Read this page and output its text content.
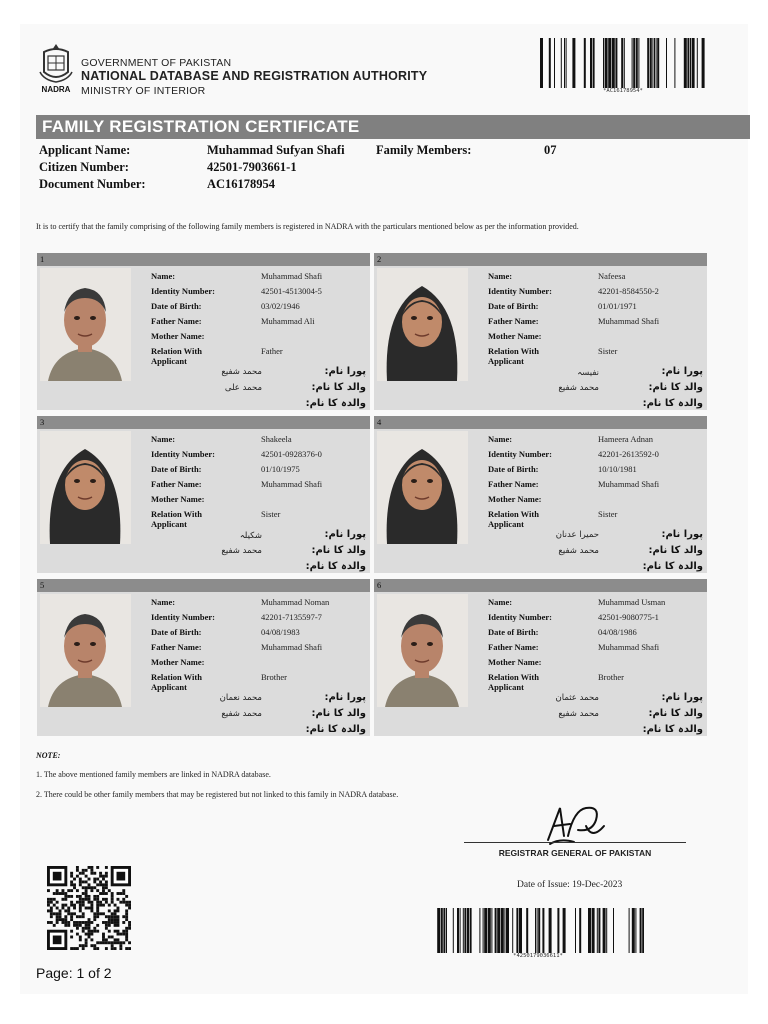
NADRA
GOVERNMENT OF PAKISTAN
NATIONAL DATABASE AND REGISTRATION AUTHORITY
MINISTRY OF INTERIOR	*AC16178954*
FAMILY REGISTRATION CERTIFICATE
Applicant Name:	Muhammad Sufyan Shafi	Family Members:	07
Citizen Number:	42501-7903661-1
Document Number:	AC16178954
It is to certify that the family comprising of the following family members is registered in NADRA with the particulars mentioned below as per the information provided.
1
Name:	Muhammad Shafi
Identity Number:	42501-4513004-5
Date of Birth:	03/02/1946
Father Name:	Muhammad Ali
Mother Name:
Relation With Applicant
Father
پورا نام:
محمد شفیع
والد کا نام:
محمد علی
والدہ کا نام:
2
Name:	Nafeesa
Identity Number:	42201-8584550-2
Date of Birth:	01/01/1971
Father Name:	Muhammad Shafi
Mother Name:
Relation With Applicant
Sister
پورا نام:
نفیسہ
والد کا نام:
محمد شفیع
والدہ کا نام:
3
Name:	Shakeela
Identity Number:	42501-0928376-0
Date of Birth:	01/10/1975
Father Name:	Muhammad Shafi
Mother Name:
Relation With Applicant
Sister
پورا نام:
شکیلہ
والد کا نام:
محمد شفیع
والدہ کا نام:
4
Name:	Hameera Adnan
Identity Number:	42201-2613592-0
Date of Birth:	10/10/1981
Father Name:	Muhammad Shafi
Mother Name:
Relation With Applicant
Sister
پورا نام:
حمیرا عدنان
والد کا نام:
محمد شفیع
والدہ کا نام:
5
Name:	Muhammad Noman
Identity Number:	42201-7135597-7
Date of Birth:	04/08/1983
Father Name:	Muhammad Shafi
Mother Name:
Relation With Applicant
Brother
پورا نام:
محمد نعمان
والد کا نام:
محمد شفیع
والدہ کا نام:
6
Name:	Muhammad Usman
Identity Number:	42501-9080775-1
Date of Birth:	04/08/1986
Father Name:	Muhammad Shafi
Mother Name:
Relation With Applicant
Brother
پورا نام:
محمد عثمان
والد کا نام:
محمد شفیع
والدہ کا نام:
NOTE:
1. The above mentioned family members are linked in NADRA database.
2. There could be other family members that may be registered but not linked to this family in NADRA database.
REGISTRAR GENERAL OF PAKISTAN
Date of Issue: 19-Dec-2023
*4250179036611*
Page: 1 of 2
